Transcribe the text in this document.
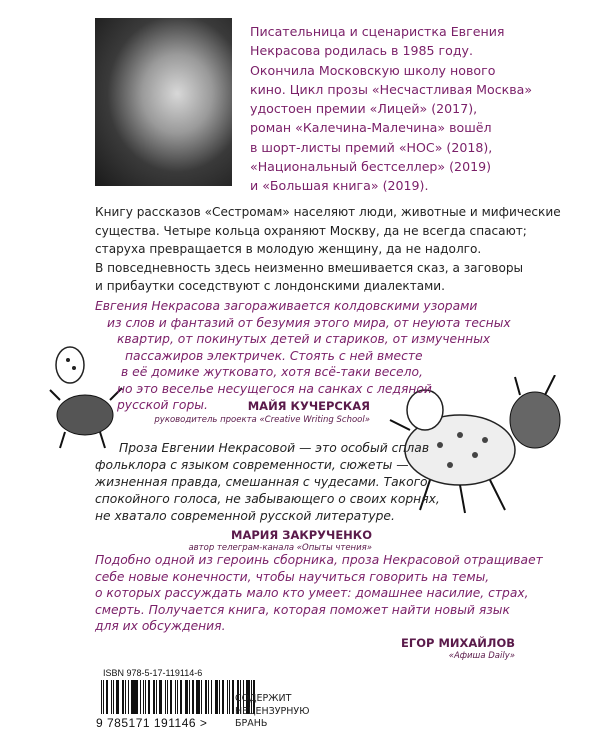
Писательница и сценаристка Евгения
Некрасова родилась в 1985 году.
Окончила Московскую школу нового
кино. Цикл прозы «Несчастливая Москва»
удостоен премии «Лицей» (2017),
роман «Калечина-Малечина» вошёл
в шорт-листы премий «НОС» (2018),
«Национальный бестселлер» (2019)
и «Большая книга» (2019).
Книгу рассказов «Сестромам» населяют люди, животные и мифические
существа. Четыре кольца охраняют Москву, да не всегда спасают;
старуха превращается в молодую женщину, да не надолго.
В повседневность здесь неизменно вмешивается сказ, а заговоры
и прибаутки соседствуют с лондонскими диалектами.
Евгения Некрасова загораживается колдовскими узорами
из слов и фантазий от безумия этого мира, от неуюта тесных
квартир, от покинутых детей и стариков, от измученных
пассажиров электричек. Стоять с ней вместе
в её домике жутковато, хотя всё-таки весело,
но это веселье несущегося на санках с ледяной
русской горы.	МАЙЯ КУЧЕРСКАЯ
руководитель проекта «Creative Writing School»
Проза Евгении Некрасовой — это особый сплав
фольклора с языком современности, сюжеты —
жизненная правда, смешанная с чудесами. Такого
спокойного голоса, не забывающего о своих корнях,
не хватало современной русской литературе.
МАРИЯ ЗАКРУЧЕНКО
автор телеграм-канала «Опыты чтения»
Подобно одной из героинь сборника, проза Некрасовой отращивает
себе новые конечности, чтобы научиться говорить на темы,
о которых рассуждать мало кто умеет: домашнее насилие, страх,
смерть. Получается книга, которая поможет найти новый язык
для их обсуждения.
ЕГОР МИХАЙЛОВ
«Афиша Daily»
ISBN 978-5-17-119114-6
9 785171 191146 >
СОДЕРЖИТ
НЕЦЕНЗУРНУЮ
БРАНЬ
